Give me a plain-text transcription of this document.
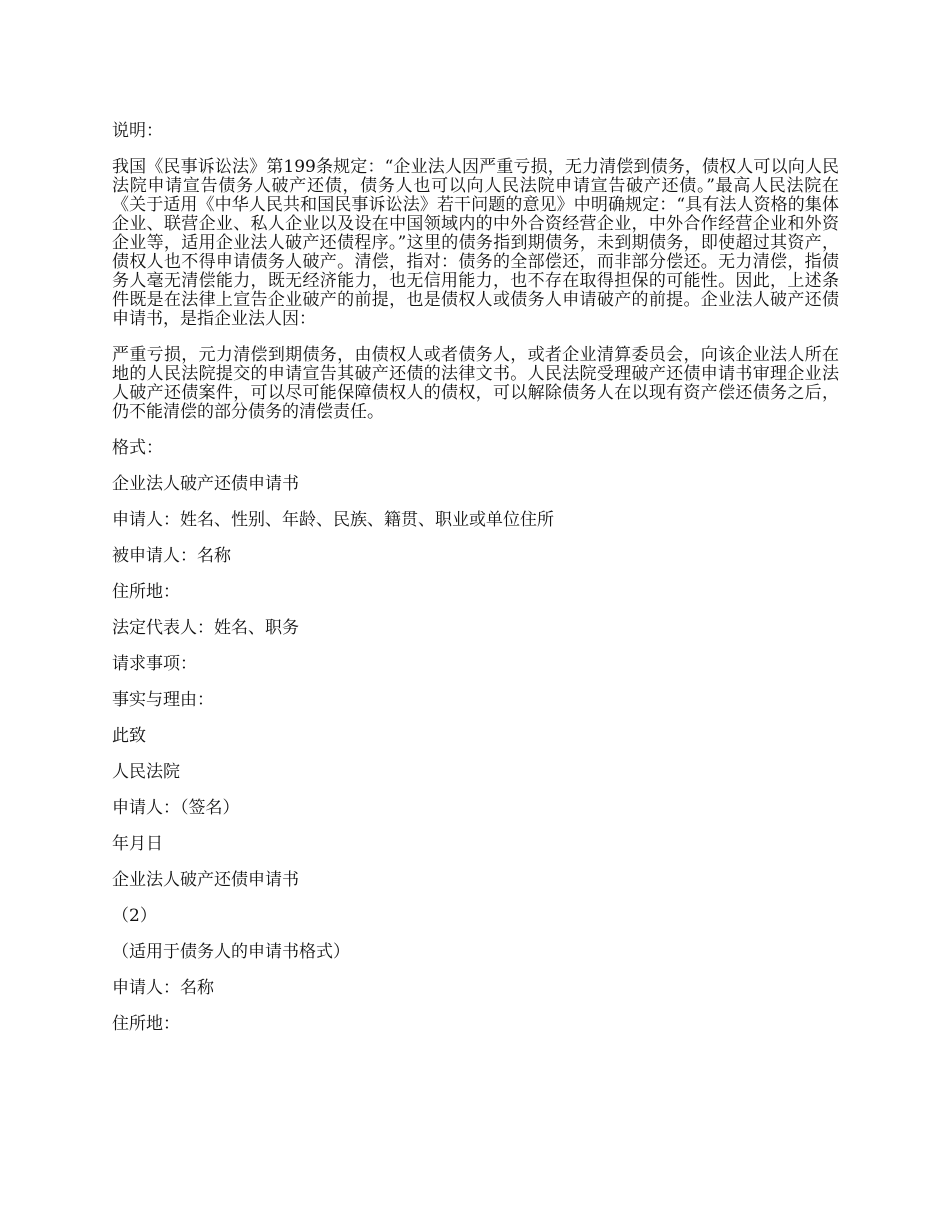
说明：

我国《民事诉讼法》第199条规定：“企业法人因严重亏损，无力清偿到债务，债权人可以向人民法院申请宣告债务人破产还债，债务人也可以向人民法院申请宣告破产还债。”最高人民法院在《关于适用《中华人民共和国民事诉讼法》若干问题的意见》中明确规定：“具有法人资格的集体企业、联营企业、私人企业以及设在中国领域内的中外合资经营企业，中外合作经营企业和外资企业等，适用企业法人破产还债程序。”这里的债务指到期债务，未到期债务，即使超过其资产，债权人也不得申请债务人破产。清偿，指对：债务的全部偿还，而非部分偿还。无力清偿，指债务人毫无清偿能力，既无经济能力，也无信用能力，也不存在取得担保的可能性。因此，上述条件既是在法律上宣告企业破产的前提，也是债权人或债务人申请破产的前提。企业法人破产还债申请书，是指企业法人因：

严重亏损，元力清偿到期债务，由债权人或者债务人，或者企业清算委员会，向该企业法人所在地的人民法院提交的申请宣告其破产还债的法律文书。人民法院受理破产还债申请书审理企业法人破产还债案件，可以尽可能保障债权人的债权，可以解除债务人在以现有资产偿还债务之后，仍不能清偿的部分债务的清偿责任。

格式：

企业法人破产还债申请书

申请人：姓名、性别、年龄、民族、籍贯、职业或单位住所

被申请人：名称

住所地：

法定代表人：姓名、职务

请求事项：

事实与理由：

此致

人民法院

申请人：（签名）

年月日

企业法人破产还债申请书

（2）

（适用于债务人的申请书格式）

申请人：名称

住所地：
